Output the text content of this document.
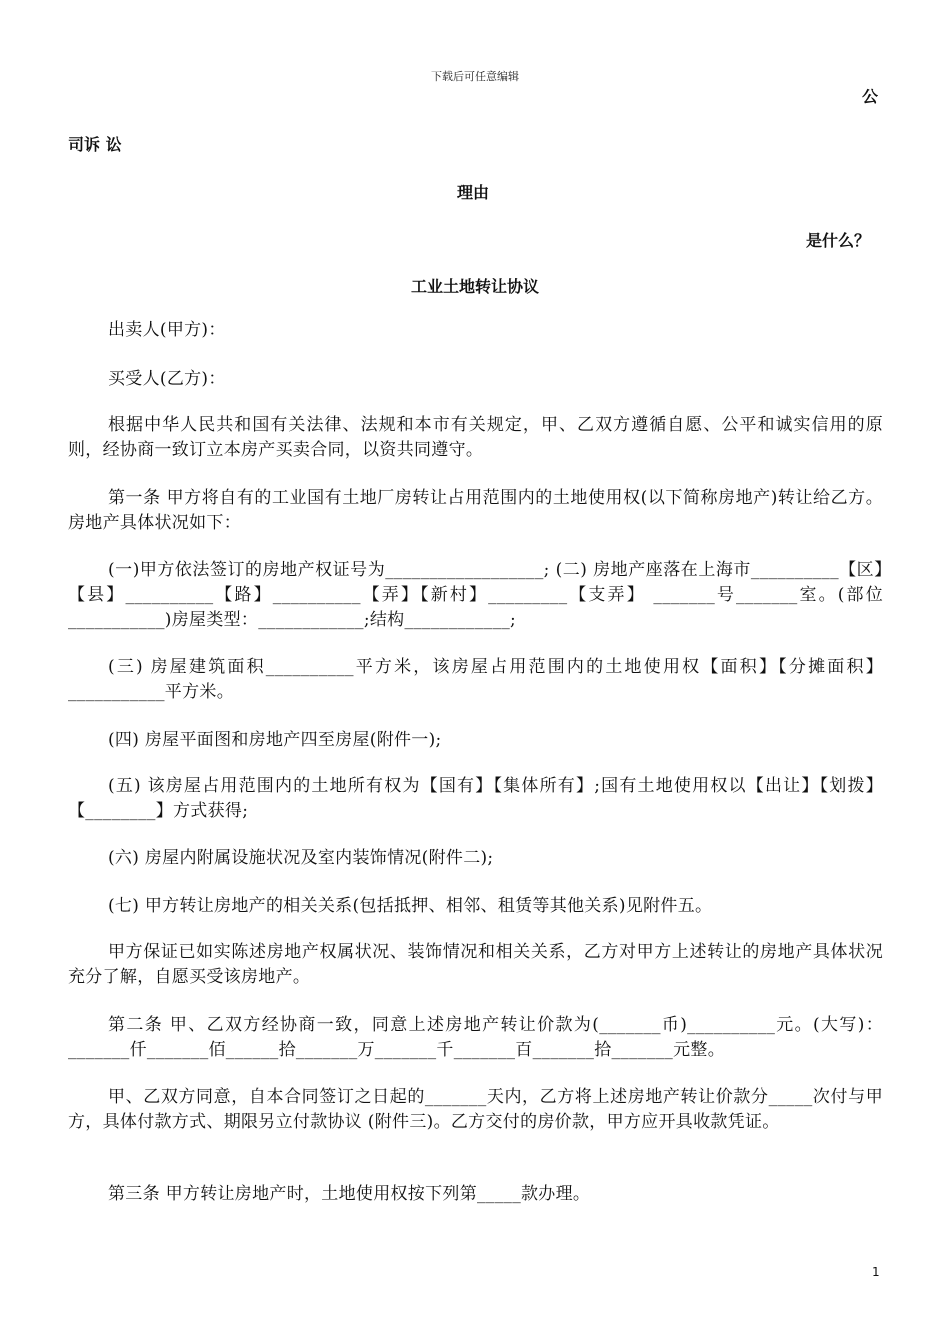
下载后可任意编辑
公
司诉 讼
理由
是什么？
工业土地转让协议

出卖人(甲方)：

买受人(乙方)：

根据中华人民共和国有关法律、法规和本市有关规定，甲、乙双方遵循自愿、公平和诚实信用的原则，经协商一致订立本房产买卖合同，以资共同遵守。

第一条 甲方将自有的工业国有土地厂房转让占用范围内的土地使用权(以下简称房地产)转让给乙方。房地产具体状况如下：

(一)甲方依法签订的房地产权证号为__________________; (二) 房地产座落在上海市__________【区】【县】__________【路】__________【弄】【新村】_________【支弄】 _______号_______室。(部位___________)房屋类型：____________;结构____________;

(三) 房屋建筑面积__________平方米，该房屋占用范围内的土地使用权【面积】【分摊面积】___________平方米。

(四) 房屋平面图和房地产四至房屋(附件一);

(五) 该房屋占用范围内的土地所有权为【国有】【集体所有】;国有土地使用权以【出让】【划拨】【________】方式获得;

(六) 房屋内附属设施状况及室内装饰情况(附件二);

(七) 甲方转让房地产的相关关系(包括抵押、相邻、租赁等其他关系)见附件五。

甲方保证已如实陈述房地产权属状况、装饰情况和相关关系，乙方对甲方上述转让的房地产具体状况充分了解，自愿买受该房地产。

第二条 甲、乙双方经协商一致，同意上述房地产转让价款为(_______币)__________元。(大写)： _______仟_______佰______拾_______万_______千_______百_______拾_______元整。

甲、乙双方同意，自本合同签订之日起的_______天内，乙方将上述房地产转让价款分_____次付与甲方，具体付款方式、期限另立付款协议 (附件三)。乙方交付的房价款，甲方应开具收款凭证。

第三条 甲方转让房地产时，土地使用权按下列第_____款办理。

1
